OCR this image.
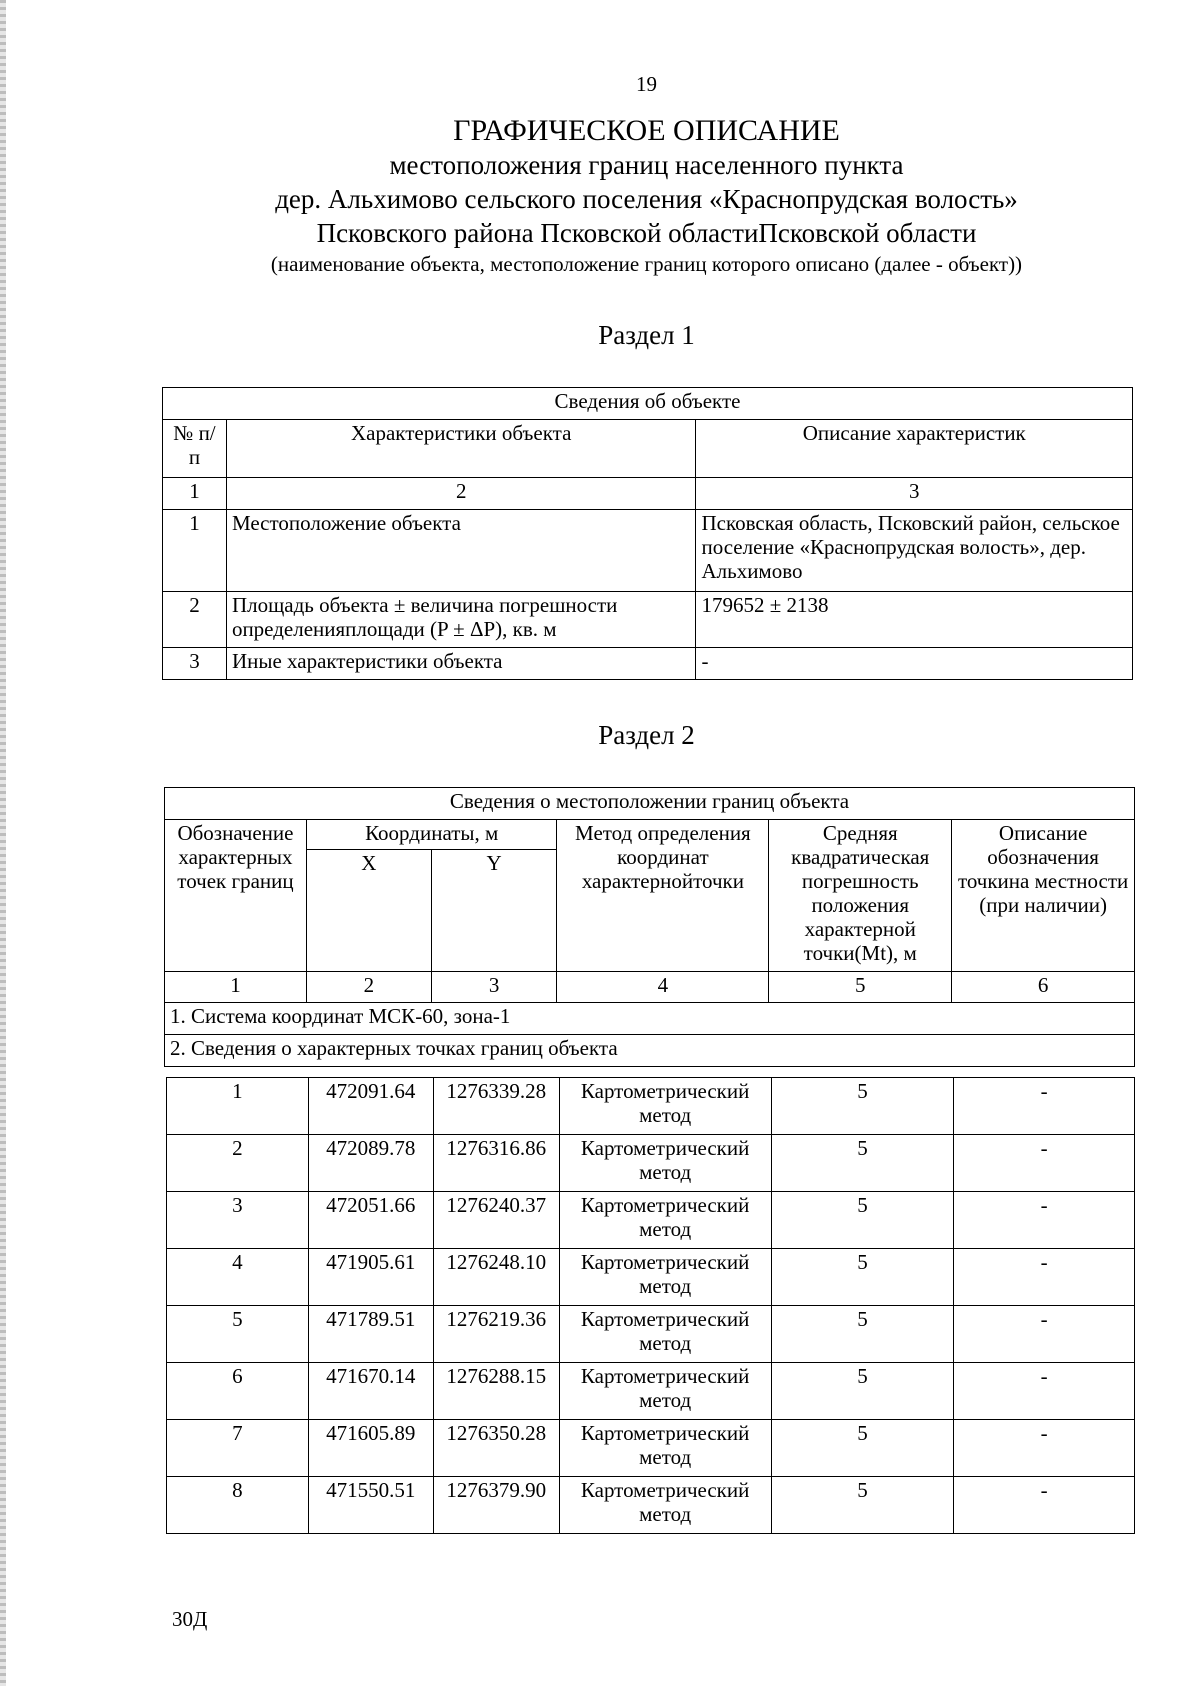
19
ГРАФИЧЕСКОЕ ОПИСАНИЕ
местоположения границ населенного пункта
дер. Альхимово сельского поселения «Краснопрудская волость»
Псковского района Псковской областиПсковской области
(наименование объекта, местоположение границ которого описано (далее - объект))
Раздел 1
Сведения об объекте		
№ п/п	Характеристики объекта	Описание характеристик
1	2	3
1	Местоположение объекта	Псковская область, Псковский район, сельское поселение «Краснопрудская волость», дер. Альхимово
2	Площадь объекта ± величина погрешности определенияплощади (P ± ΔP), кв. м	179652 ± 2138
3	Иные характеристики объекта	-
Раздел 2
Сведения о местоположении границ объекта					
Обозначение характерных точек границ	Координаты, м		Метод определения координат характернойточки	Средняя квадратическая погрешность положения характерной точки(Mt), м	Описание обозначения точкина местности (при наличии)
	X	Y			
1	2	3	4	5	6
1. Система координат МСК-60, зона-1					
2. Сведения о характерных точках границ объекта					
1	472091.64	1276339.28	Картометрический метод	5	-
2	472089.78	1276316.86	Картометрический метод	5	-
3	472051.66	1276240.37	Картометрический метод	5	-
4	471905.61	1276248.10	Картометрический метод	5	-
5	471789.51	1276219.36	Картометрический метод	5	-
6	471670.14	1276288.15	Картометрический метод	5	-
7	471605.89	1276350.28	Картометрический метод	5	-
8	471550.51	1276379.90	Картометрический метод	5	-
30Д
